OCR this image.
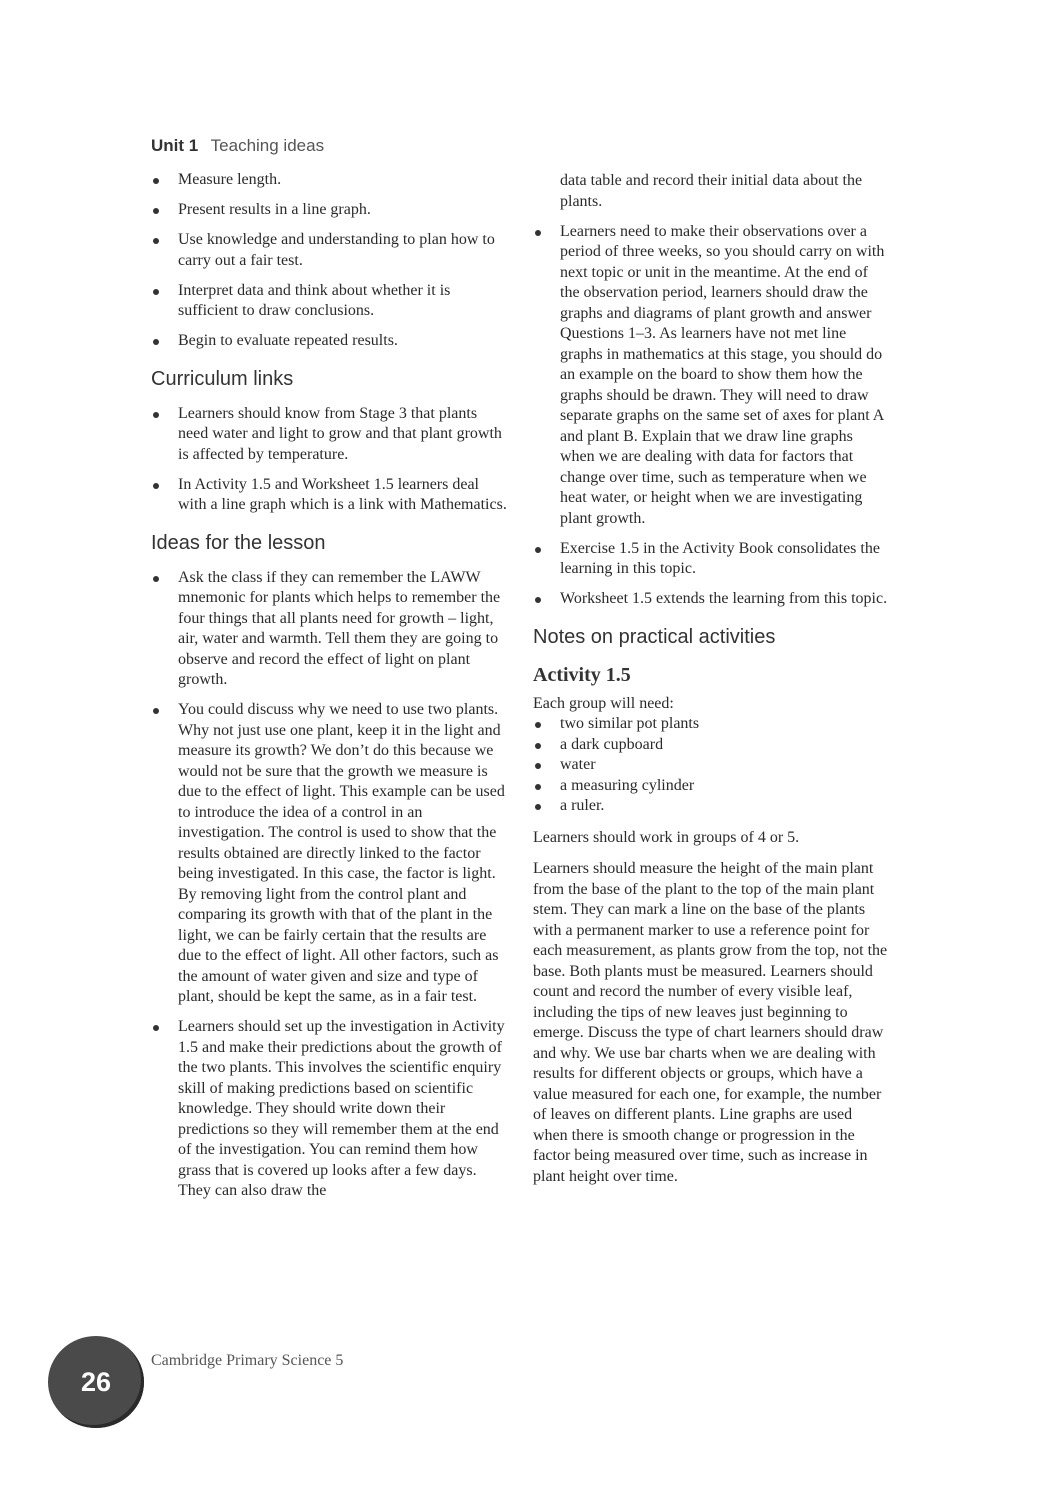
Unit 1 Teaching ideas
Measure length.
Present results in a line graph.
Use knowledge and understanding to plan how to carry out a fair test.
Interpret data and think about whether it is sufficient to draw conclusions.
Begin to evaluate repeated results.
Curriculum links
Learners should know from Stage 3 that plants need water and light to grow and that plant growth is affected by temperature.
In Activity 1.5 and Worksheet 1.5 learners deal with a line graph which is a link with Mathematics.
Ideas for the lesson
Ask the class if they can remember the LAWW mnemonic for plants which helps to remember the four things that all plants need for growth – light, air, water and warmth. Tell them they are going to observe and record the effect of light on plant growth.
You could discuss why we need to use two plants. Why not just use one plant, keep it in the light and measure its growth? We don’t do this because we would not be sure that the growth we measure is due to the effect of light. This example can be used to introduce the idea of a control in an investigation. The control is used to show that the results obtained are directly linked to the factor being investigated. In this case, the factor is light. By removing light from the control plant and comparing its growth with that of the plant in the light, we can be fairly certain that the results are due to the effect of light. All other factors, such as the amount of water given and size and type of plant, should be kept the same, as in a fair test.
Learners should set up the investigation in Activity 1.5 and make their predictions about the growth of the two plants. This involves the scientific enquiry skill of making predictions based on scientific knowledge. They should write down their predictions so they will remember them at the end of the investigation. You can remind them how grass that is covered up looks after a few days. They can also draw the

data table and record their initial data about the plants.

Learners need to make their observations over a period of three weeks, so you should carry on with next topic or unit in the meantime. At the end of the observation period, learners should draw the graphs and diagrams of plant growth and answer Questions 1–3. As learners have not met line graphs in mathematics at this stage, you should do an example on the board to show them how the graphs should be drawn. They will need to draw separate graphs on the same set of axes for plant A and plant B. Explain that we draw line graphs when we are dealing with data for factors that change over time, such as temperature when we heat water, or height when we are investigating plant growth.
Exercise 1.5 in the Activity Book consolidates the learning in this topic.
Worksheet 1.5 extends the learning from this topic.
Notes on practical activities
Activity 1.5

Each group will need:

two similar pot plants
a dark cupboard
water
a measuring cylinder
a ruler.

Learners should work in groups of 4 or 5.

Learners should measure the height of the main plant from the base of the plant to the top of the main plant stem. They can mark a line on the base of the plants with a permanent marker to use a reference point for each measurement, as plants grow from the top, not the base. Both plants must be measured. Learners should count and record the number of every visible leaf, including the tips of new leaves just beginning to emerge. Discuss the type of chart learners should draw and why. We use bar charts when we are dealing with results for different objects or groups, which have a value measured for each one, for example, the number of leaves on different plants. Line graphs are used when there is smooth change or progression in the factor being measured over time, such as increase in plant height over time.

26
Cambridge Primary Science 5
